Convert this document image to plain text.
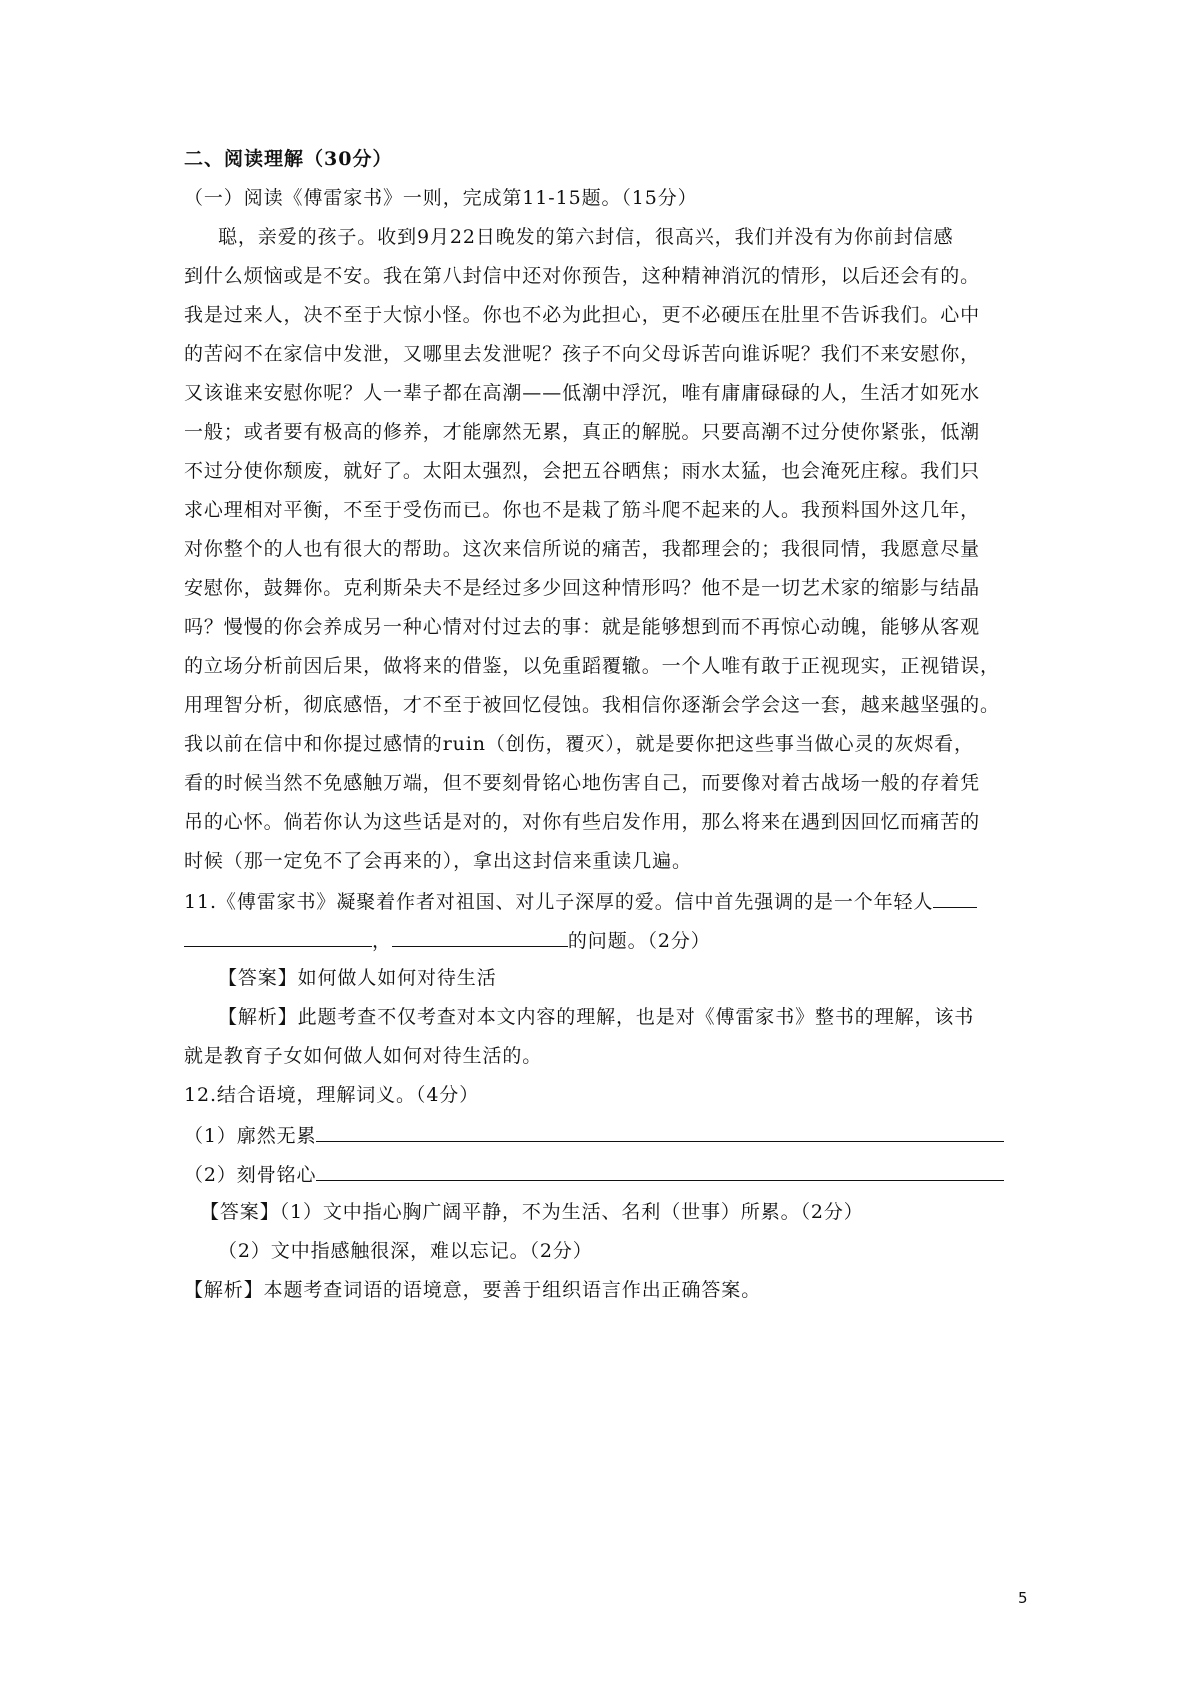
二、阅读理解（30分）
（一）阅读《傅雷家书》一则，完成第11-15题。（15分）
聪，亲爱的孩子。收到9月22日晚发的第六封信，很高兴，我们并没有为你前封信感
到什么烦恼或是不安。我在第八封信中还对你预告，这种精神消沉的情形，以后还会有的。
我是过来人，决不至于大惊小怪。你也不必为此担心，更不必硬压在肚里不告诉我们。心中
的苦闷不在家信中发泄，又哪里去发泄呢？孩子不向父母诉苦向谁诉呢？我们不来安慰你，
又该谁来安慰你呢？人一辈子都在高潮——低潮中浮沉，唯有庸庸碌碌的人，生活才如死水
一般；或者要有极高的修养，才能廓然无累，真正的解脱。只要高潮不过分使你紧张，低潮
不过分使你颓废，就好了。太阳太强烈，会把五谷晒焦；雨水太猛，也会淹死庄稼。我们只
求心理相对平衡，不至于受伤而已。你也不是栽了筋斗爬不起来的人。我预料国外这几年，
对你整个的人也有很大的帮助。这次来信所说的痛苦，我都理会的；我很同情，我愿意尽量
安慰你，鼓舞你。克利斯朵夫不是经过多少回这种情形吗？他不是一切艺术家的缩影与结晶
吗？慢慢的你会养成另一种心情对付过去的事：就是能够想到而不再惊心动魄，能够从客观
的立场分析前因后果，做将来的借鉴，以免重蹈覆辙。一个人唯有敢于正视现实，正视错误，
用理智分析，彻底感悟，才不至于被回忆侵蚀。我相信你逐渐会学会这一套，越来越坚强的。
我以前在信中和你提过感情的ruin（创伤，覆灭），就是要你把这些事当做心灵的灰烬看，
看的时候当然不免感触万端，但不要刻骨铭心地伤害自己，而要像对着古战场一般的存着凭
吊的心怀。倘若你认为这些话是对的，对你有些启发作用，那么将来在遇到因回忆而痛苦的
时候（那一定免不了会再来的），拿出这封信来重读几遍。
11.《傅雷家书》凝聚着作者对祖国、对儿子深厚的爱。信中首先强调的是一个年轻人
，	的问题。（2分）
【答案】如何做人如何对待生活
【解析】此题考查不仅考查对本文内容的理解，也是对《傅雷家书》整书的理解，该书
就是教育子女如何做人如何对待生活的。
12.结合语境，理解词义。（4分）
（1）廓然无累
（2）刻骨铭心
【答案】（1）文中指心胸广阔平静，不为生活、名利（世事）所累。（2分）
（2）文中指感触很深，难以忘记。（2分）
【解析】本题考查词语的语境意，要善于组织语言作出正确答案。
5
